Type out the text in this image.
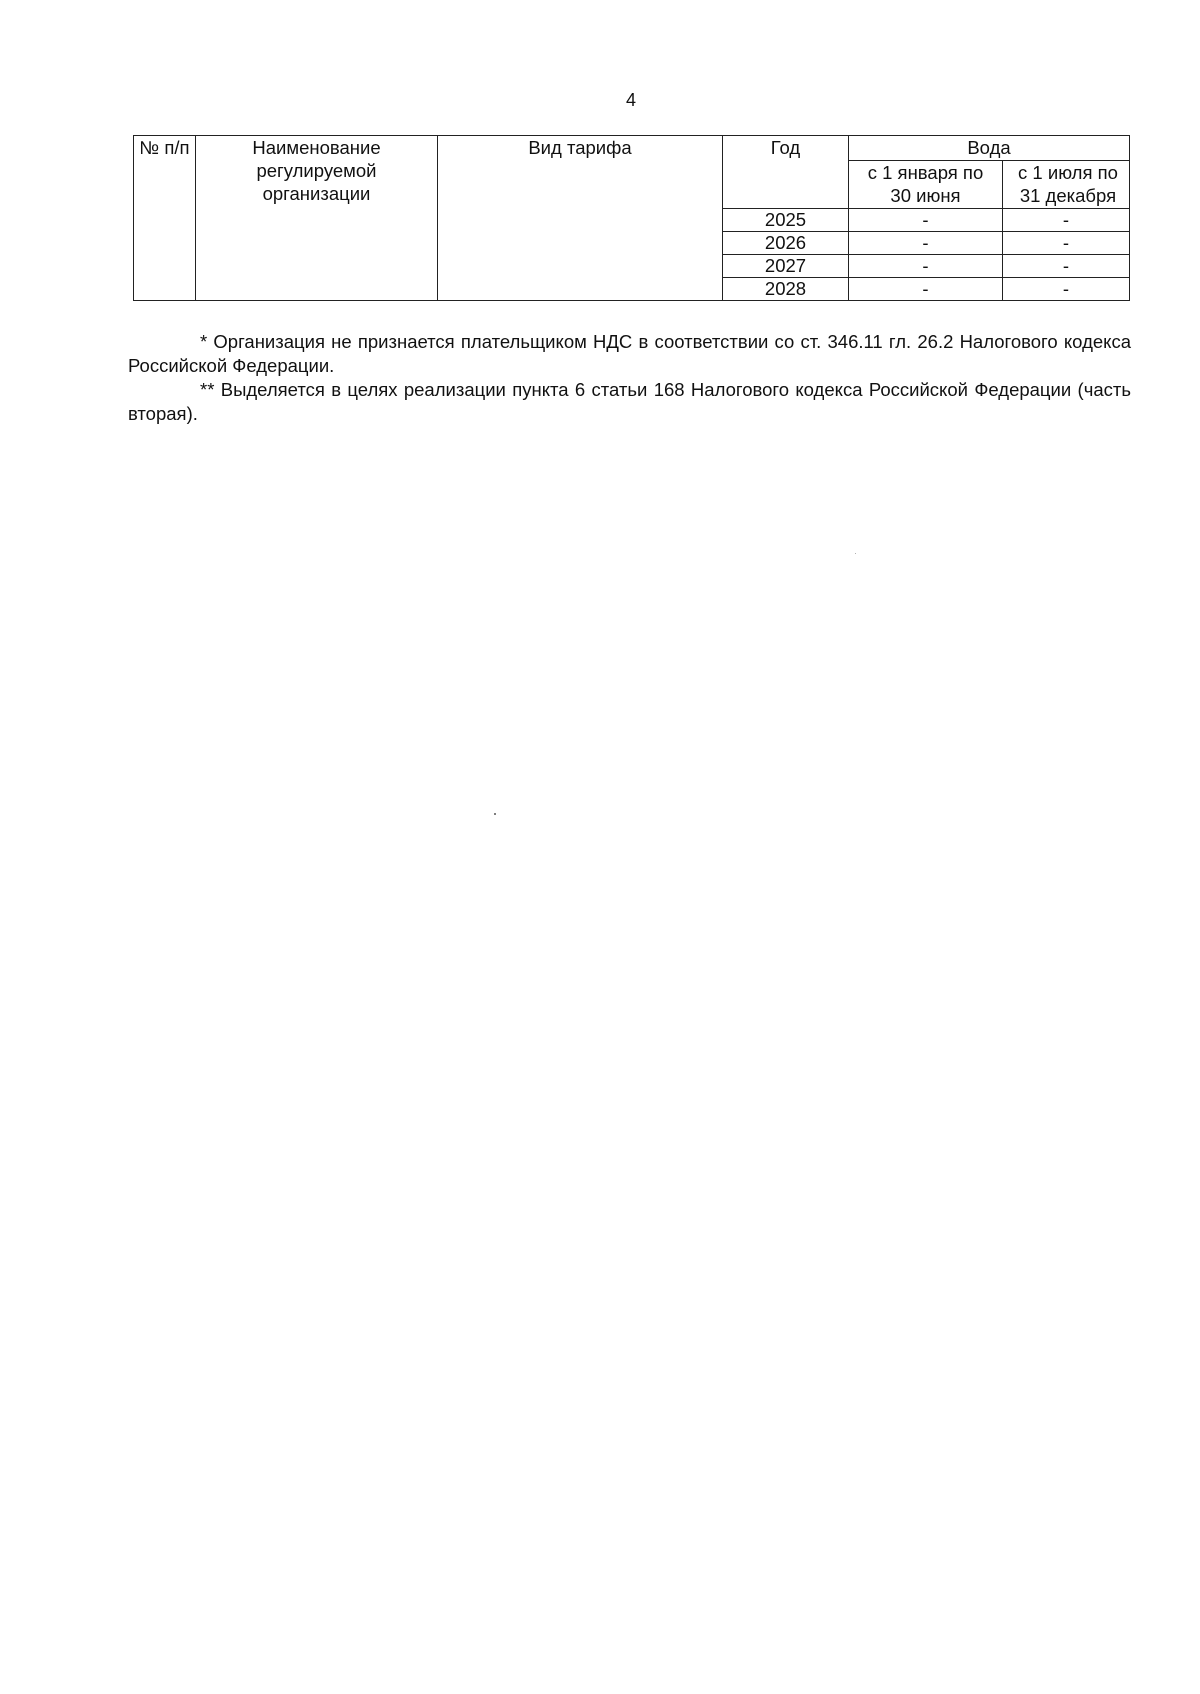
4
№ п/п	Наименование регулируемой организации	Вид тарифа	Год	Вода	
				с 1 января по 30 июня	с 1 июля по 31 декабря
			2025	-	-
			2026	-	-
			2027	-	-
			2028	-	-

* Организация не признается плательщиком НДС в соответствии со ст. 346.11 гл. 26.2 Налогового кодекса Российской Федерации.

** Выделяется в целях реализации пункта 6 статьи 168 Налогового кодекса Российской Федерации (часть вторая).
